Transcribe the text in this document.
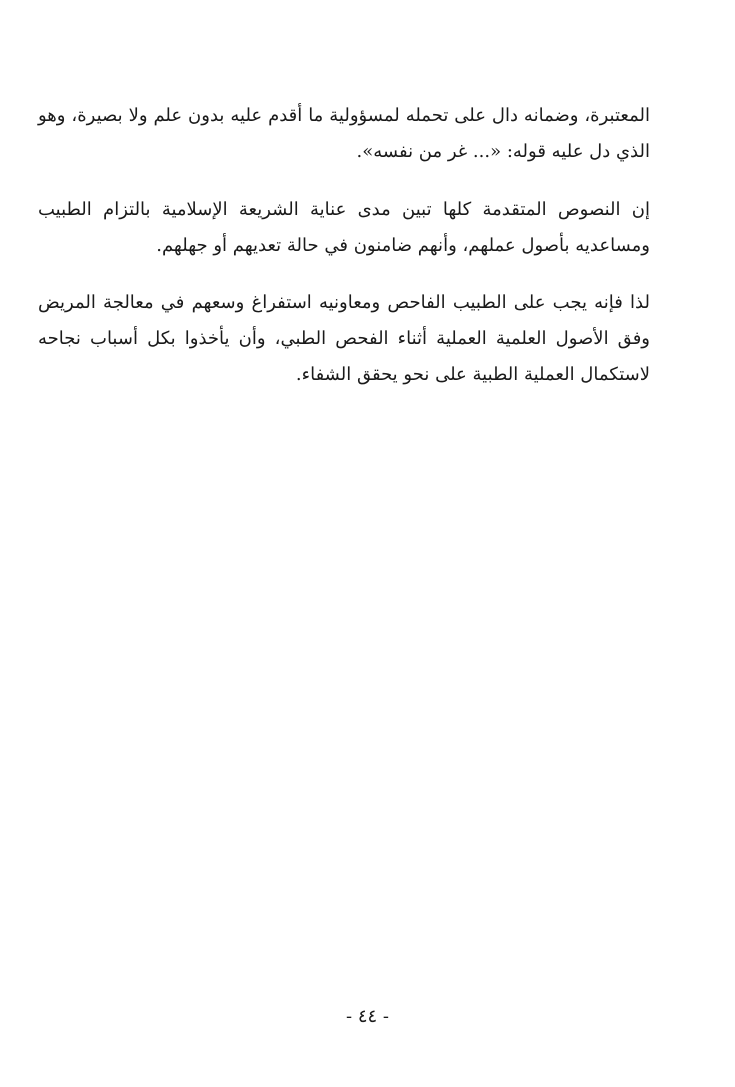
المعتبرة، وضمانه دال على تحمله لمسؤولية ما أقدم عليه بدون علم ولا بصيرة، وهو
الذي دل عليه قوله: «... غر من نفسه».
إن النصوص المتقدمة كلها تبين مدى عناية الشريعة الإسلامية بالتزام الطبيب
ومساعديه بأصول عملهم، وأنهم ضامنون في حالة تعديهم أو جهلهم.
لذا فإنه يجب على الطبيب الفاحص ومعاونيه استفراغ وسعهم في معالجة المريض
وفق الأصول العلمية العملية أثناء الفحص الطبي، وأن يأخذوا بكل أسباب نجاحه
لاستكمال العملية الطبية على نحو يحقق الشفاء.
- ٤٤ -
